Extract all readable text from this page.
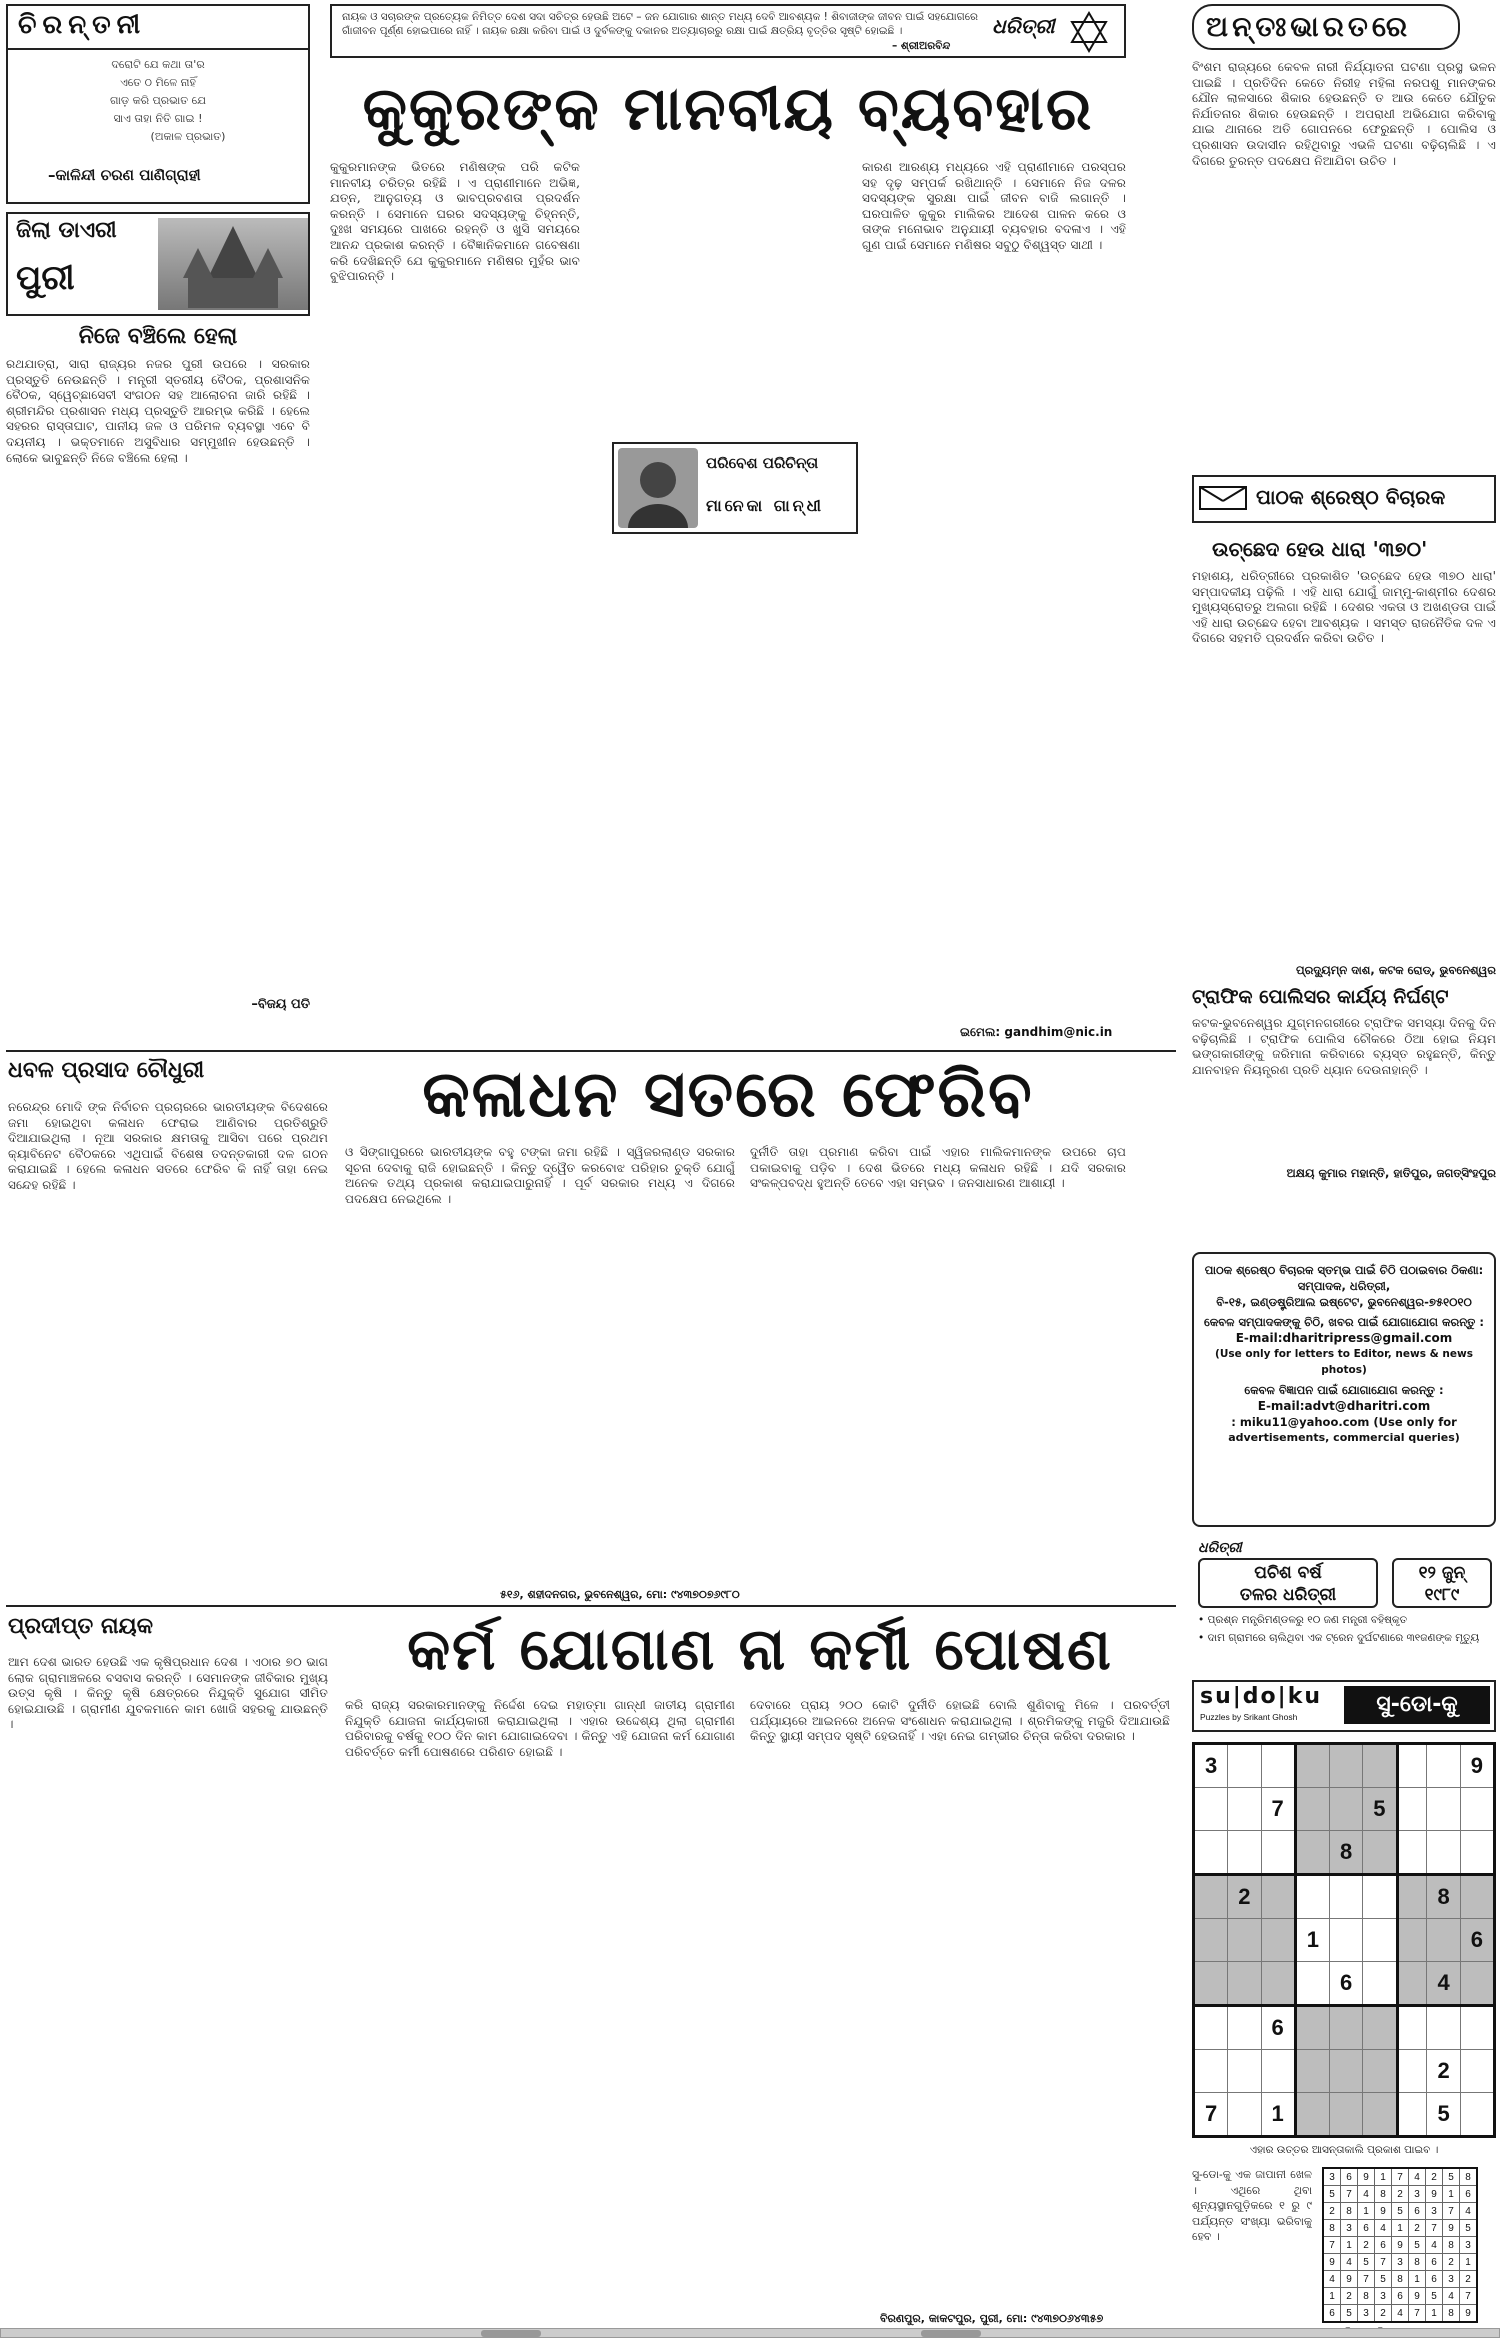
ଚିରନ୍ତନୀ
ଦରୋଟି ଯେ କଥା ତା'ର
ଏତେ ଠ ମିଳେ ନାହିଁ
ଗାଡ଼ କରି ପ୍ରଭାତ ଯେ
ସାଏ ତାହା ନିତି ଗାଇ !
(ଅକାଳ ପ୍ରଭାତ)
–କାଳିନ୍ଦୀ ଚରଣ ପାଣିଗ୍ରାହୀ
ନାୟକ ଓ ସଚାରଙ୍କ ପ୍ରତ୍ୟେକ ନିମିତ୍ତ ଦେଶ ସଦା ସଚିତ୍ର ହେଉଛି ଅଟେ – ଜନ ଯୋଗାର ଶାନ୍ତ ମଧ୍ୟ ଦେବି ଆବଶ୍ୟକ ! ଶିବାଜୀଙ୍କ ଜୀବନ ପାଇଁ ସହଯୋଗରେ ଗାଁଜୀବନ ପୂର୍ଣ୍ଣ ହୋଇପାରେ ନାହିଁ । ନାୟକ ରକ୍ଷା କରିବା ପାଇଁ ଓ ଦୁର୍ବଳଙ୍କୁ ଦକାନର ଅତ୍ୟାଚାରରୁ ରକ୍ଷା ପାଇଁ କ୍ଷତ୍ରିୟ ବୃତ୍ତିର ସୃଷ୍ଟି ହୋଇଛି ।
– ଶ୍ରୀଅରବିନ୍ଦ
ଧରିତ୍ରୀ
କୁକୁରଙ୍କ ମାନବୀୟ ବ୍ୟବହାର
ଅନ୍ତଃଭାରତରେ
ବିଂଶମ ରାଜ୍ୟରେ କେବଳ ନାରୀ ନିର୍ଯ୍ୟାତନା ଘଟଣା ପ୍ରସ୍ଥ ଭଳନ ପାଇଛି । ପ୍ରତିଦିନ କେତେ ନିରୀହ ମହିଳା ନରପଶୁ ମାନଙ୍କର ଯୌନ ଲାଳସାରେ ଶିକାର ହେଉଛନ୍ତି ତ ଆଉ କେତେ ଯୌତୁକ ନିର୍ଯାତନାର ଶିକାର ହେଉଛନ୍ତି । ଅପରାଧୀ ଅଭିଯୋଗ କରିବାକୁ ଯାଇ ଥାନାରେ ଅତି ଗୋପନରେ ଫେରୁଛନ୍ତି । ପୋଲିସ ଓ ପ୍ରଶାସନ ଉଦାସୀନ ରହିଥିବାରୁ ଏଭଳି ଘଟଣା ବଢ଼ିଚାଲିଛି । ଏ ଦିଗରେ ତୁରନ୍ତ ପଦକ୍ଷେପ ନିଆଯିବା ଉଚିତ ।
ଜିଲା ଡାଏରୀ
ପୁରୀ
ନିଜେ ବଞ୍ଚିଲେ ହେଲା
ରଥଯାତ୍ରା, ସାରା ରାଜ୍ୟର ନଜର ପୁରୀ ଉପରେ । ସରକାର ପ୍ରସ୍ତୁତି ନେଉଛନ୍ତି । ମନ୍ତ୍ରୀ ସ୍ତରୀୟ ବୈଠକ, ପ୍ରଶାସନିକ ବୈଠକ, ସ୍ୱେଚ୍ଛାସେବୀ ସଂଗଠନ ସହ ଆଲୋଚନା ଜାରି ରହିଛି । ଶ୍ରୀମନ୍ଦିର ପ୍ରଶାସନ ମଧ୍ୟ ପ୍ରସ୍ତୁତି ଆରମ୍ଭ କରିଛି । ହେଲେ ସହରର ରାସ୍ତାଘାଟ, ପାନୀୟ ଜଳ ଓ ପରିମଳ ବ୍ୟବସ୍ଥା ଏବେ ବି ଦୟନୀୟ । ଭକ୍ତମାନେ ଅସୁବିଧାର ସମ୍ମୁଖୀନ ହେଉଛନ୍ତି । ଲୋକେ ଭାବୁଛନ୍ତି ନିଜେ ବଞ୍ଚିଲେ ହେଲା ।
–ବିଜୟ ପତି
କୁକୁରମାନଙ୍କ ଭିତରେ ମଣିଷଙ୍କ ପରି କଟିକ ମାନବୀୟ ଚରିତ୍ର ରହିଛି । ଏ ପ୍ରାଣୀମାନେ ଅଭିଜ୍ଞ, ଯତ୍ନ, ଆନୁଗତ୍ୟ ଓ ଭାବପ୍ରବଣତା ପ୍ରଦର୍ଶନ କରନ୍ତି । ସେମାନେ ଘରର ସଦସ୍ୟଙ୍କୁ ଚିହ୍ନନ୍ତି, ଦୁଃଖ ସମୟରେ ପାଖରେ ରହନ୍ତି ଓ ଖୁସି ସମୟରେ ଆନନ୍ଦ ପ୍ରକାଶ କରନ୍ତି । ବୈଜ୍ଞାନିକମାନେ ଗବେଷଣା କରି ଦେଖିଛନ୍ତି ଯେ କୁକୁରମାନେ ମଣିଷର ମୁହଁର ଭାବ ବୁଝିପାରନ୍ତି ।
ପରିବେଶ ପରିଚିନ୍ତା
ମାନେକା ଗାନ୍ଧୀ
କାରଣ ଆରଣ୍ୟ ମଧ୍ୟରେ ଏହି ପ୍ରାଣୀମାନେ ପରସ୍ପର ସହ ଦୃଢ଼ ସମ୍ପର୍କ ରଖିଥାନ୍ତି । ସେମାନେ ନିଜ ଦଳର ସଦସ୍ୟଙ୍କ ସୁରକ୍ଷା ପାଇଁ ଜୀବନ ବାଜି ଲଗାନ୍ତି । ଘରପାଳିତ କୁକୁର ମାଲିକର ଆଦେଶ ପାଳନ କରେ ଓ ତାଙ୍କ ମନୋଭାବ ଅନୁଯାୟୀ ବ୍ୟବହାର ବଦଳାଏ । ଏହି ଗୁଣ ପାଇଁ ସେମାନେ ମଣିଷର ସବୁଠୁ ବିଶ୍ୱସ୍ତ ସାଥୀ ।
ଇମେଲ: gandhim@nic.in
ପାଠକ ଶ୍ରେଷ୍ଠ ବିଚାରକ
ଉଚ୍ଛେଦ ହେଉ ଧାରା '୩୭୦'
ମହାଶୟ, ଧରିତ୍ରୀରେ ପ୍ରକାଶିତ 'ଉଚ୍ଛେଦ ହେଉ ୩୭୦ ଧାରା' ସମ୍ପାଦକୀୟ ପଢ଼ିଲି । ଏହି ଧାରା ଯୋଗୁଁ ଜାମ୍ମୁ-କାଶ୍ମୀର ଦେଶର ମୁଖ୍ୟସ୍ରୋତରୁ ଅଲଗା ରହିଛି । ଦେଶର ଏକତା ଓ ଅଖଣ୍ଡତା ପାଇଁ ଏହି ଧାରା ଉଚ୍ଛେଦ ହେବା ଆବଶ୍ୟକ । ସମସ୍ତ ରାଜନୈତିକ ଦଳ ଏ ଦିଗରେ ସହମତି ପ୍ରଦର୍ଶନ କରିବା ଉଚିତ ।
ପ୍ରଦ୍ୟୁମ୍ନ ଦାଶ, କଟକ ରୋଡ୍, ଭୁବନେଶ୍ୱର
ଟ୍ରାଫିକ ପୋଲିସର କାର୍ଯ୍ୟ ନିର୍ଘଣ୍ଟ
କଟକ-ଭୁବନେଶ୍ୱର ଯୁଗ୍ମନଗରୀରେ ଟ୍ରାଫିକ ସମସ୍ୟା ଦିନକୁ ଦିନ ବଢ଼ିଚାଲିଛି । ଟ୍ରାଫିକ ପୋଲିସ ଚୌକରେ ଠିଆ ହୋଇ ନିୟମ ଭଙ୍ଗକାରୀଙ୍କୁ ଜରିମାନା କରିବାରେ ବ୍ୟସ୍ତ ରହୁଛନ୍ତି, କିନ୍ତୁ ଯାନବାହନ ନିୟନ୍ତ୍ରଣ ପ୍ରତି ଧ୍ୟାନ ଦେଉନାହାନ୍ତି ।
ଅକ୍ଷୟ କୁମାର ମହାନ୍ତି, ହାତିପୁର, ଜଗତ୍‌ସିଂହପୁର
ଧବଳ ପ୍ରସାଦ ଚୌଧୁରୀ	କଳାଧନ ସତରେ ଫେରିବ
ନରେନ୍ଦ୍ର ମୋଦି ଙ୍କ ନିର୍ବାଚନ ପ୍ରଚାରରେ ଭାରତୀୟଙ୍କ ବିଦେଶରେ ଜମା ହୋଇଥିବା କଳାଧନ ଫେରାଇ ଆଣିବାର ପ୍ରତିଶ୍ରୁତି ଦିଆଯାଇଥିଲା । ନୂଆ ସରକାର କ୍ଷମତାକୁ ଆସିବା ପରେ ପ୍ରଥମ କ୍ୟାବିନେଟ ବୈଠକରେ ଏଥିପାଇଁ ବିଶେଷ ତଦନ୍ତକାରୀ ଦଳ ଗଠନ କରାଯାଇଛି । ହେଲେ କଳାଧନ ସତରେ ଫେରିବ କି ନାହିଁ ତାହା ନେଇ ସନ୍ଦେହ ରହିଛି ।
ଓ ସିଙ୍ଗାପୁରରେ ଭାରତୀୟଙ୍କ ବହୁ ଟଙ୍କା ଜମା ରହିଛି । ସ୍ୱିଜରଲାଣ୍ଡ ସରକାର ସୂଚନା ଦେବାକୁ ରାଜି ହୋଇଛନ୍ତି । କିନ୍ତୁ ଦ୍ୱୈତ କରବୋଝ ପରିହାର ଚୁକ୍ତି ଯୋଗୁଁ ଅନେକ ତଥ୍ୟ ପ୍ରକାଶ କରାଯାଇପାରୁନାହିଁ । ପୂର୍ବ ସରକାର ମଧ୍ୟ ଏ ଦିଗରେ ପଦକ୍ଷେପ ନେଇଥିଲେ ।
ଦୁର୍ନୀତି ତାହା ପ୍ରମାଣ କରିବା ପାଇଁ ଏହାର ମାଲିକମାନଙ୍କ ଉପରେ ଚାପ ପକାଇବାକୁ ପଡ଼ିବ । ଦେଶ ଭିତରେ ମଧ୍ୟ କଳାଧନ ରହିଛି । ଯଦି ସରକାର ସଂକଳ୍ପବଦ୍ଧ ହୁଅନ୍ତି ତେବେ ଏହା ସମ୍ଭବ । ଜନସାଧାରଣ ଆଶାୟୀ ।
୫୧୬, ଶହୀଦନଗର, ଭୁବନେଶ୍ୱର, ମୋ: ୯୪୩୭୦୭୬୯୮୦
ପାଠକ ଶ୍ରେଷ୍ଠ ବିଚାରକ ସ୍ତମ୍ଭ ପାଇଁ ଚିଠି ପଠାଇବାର ଠିକଣା:
ସମ୍ପାଦକ, ଧରିତ୍ରୀ,
ବି-୧୫, ଇଣ୍ଡଷ୍ଟ୍ରିଆଲ ଇଷ୍ଟେଟ, ଭୁବନେଶ୍ୱର-୭୫୧୦୧୦
କେବଳ ସମ୍ପାଦକଙ୍କୁ ଚିଠି, ଖବର ପାଇଁ ଯୋଗାଯୋଗ କରନ୍ତୁ :
E-mail:dharitripress@gmail.com
(Use only for letters to Editor, news & news photos)
କେବଳ ବିଜ୍ଞାପନ ପାଇଁ ଯୋଗାଯୋଗ କରନ୍ତୁ :
E-mail:advt@dharitri.com
: miku11@yahoo.com (Use only for
advertisements, commercial queries)
ଧରିତ୍ରୀ
ପଚିଶ ବର୍ଷ
ତଳର ଧରିତ୍ରୀ
୧୨ ଜୁନ୍
୧୯୮୯
• ପ୍ରଶ୍ନ ମନ୍ତ୍ରିମଣ୍ଡଳରୁ ୧୦ ଜଣ ମନ୍ତ୍ରୀ ବହିଷ୍କୃତ
• ଦାମ ଗ୍ରାମରେ ଚାଲିଥିବା ଏକ ଟ୍ରେନ ଦୁର୍ଘଟଣାରେ ୩୧ଜଣଙ୍କ ମୃତ୍ୟୁ
ପ୍ରଦୀପ୍ତ ନାୟକ	କର୍ମ ଯୋଗାଣ ନା କର୍ମୀ ପୋଷଣ
ଆମ ଦେଶ ଭାରତ ହେଉଛି ଏକ କୃଷିପ୍ରଧାନ ଦେଶ । ଏଠାର ୭୦ ଭାଗ ଲୋକ ଗ୍ରାମାଞ୍ଚଳରେ ବସବାସ କରନ୍ତି । ସେମାନଙ୍କ ଜୀବିକାର ମୁଖ୍ୟ ଉତ୍ସ କୃଷି । କିନ୍ତୁ କୃଷି କ୍ଷେତ୍ରରେ ନିଯୁକ୍ତି ସୁଯୋଗ ସୀମିତ ହୋଇଯାଉଛି । ଗ୍ରାମୀଣ ଯୁବକମାନେ କାମ ଖୋଜି ସହରକୁ ଯାଉଛନ୍ତି ।
କରି ରାଜ୍ୟ ସରକାରମାନଙ୍କୁ ନିର୍ଦ୍ଦେଶ ଦେଇ ମହାତ୍ମା ଗାନ୍ଧୀ ଜାତୀୟ ଗ୍ରାମୀଣ ନିଯୁକ୍ତି ଯୋଜନା କାର୍ଯ୍ୟକାରୀ କରାଯାଇଥିଲା । ଏହାର ଉଦ୍ଦେଶ୍ୟ ଥିଲା ଗ୍ରାମୀଣ ପରିବାରକୁ ବର୍ଷକୁ ୧୦୦ ଦିନ କାମ ଯୋଗାଇଦେବା । କିନ୍ତୁ ଏହି ଯୋଜନା କର୍ମ ଯୋଗାଣ ପରିବର୍ତ୍ତେ କର୍ମୀ ପୋଷଣରେ ପରିଣତ ହୋଇଛି ।
ଦେବାରେ ପ୍ରାୟ ୨୦୦ କୋଟି ଦୁର୍ନୀତି ହୋଇଛି ବୋଲି ଶୁଣିବାକୁ ମିଳେ । ପରବର୍ତ୍ତୀ ପର୍ଯ୍ୟାୟରେ ଆଇନରେ ଅନେକ ସଂଶୋଧନ କରାଯାଇଥିଲା । ଶ୍ରମିକଙ୍କୁ ମଜୁରି ଦିଆଯାଉଛି କିନ୍ତୁ ସ୍ଥାୟୀ ସମ୍ପଦ ସୃଷ୍ଟି ହେଉନାହିଁ । ଏହା ନେଇ ଗମ୍ଭୀର ଚିନ୍ତା କରିବା ଦରକାର ।
ବିରଣପୁର, କାକଟପୁର, ପୁରୀ, ମୋ: ୯୪୩୭୦୬୪୩୫୭
su|do|ku
Puzzles by Srikant Ghosh	ସୁ-ଡୋ-କୁ
3								9
		7			5			
				8				
	2						8	
			1					6
				6			4	
		6						
							2	
7		1					5	
ଏହାର ଉତ୍ତର ଆସନ୍ତାକାଲି ପ୍ରକାଶ ପାଇବ ।
ସୁ-ଡୋ-କୁ ଏକ ଜାପାନୀ ଖେଳ । ଏଥିରେ ଥିବା ଶୂନ୍ୟସ୍ଥାନଗୁଡ଼ିକରେ ୧ ରୁ ୯ ପର୍ଯ୍ୟନ୍ତ ସଂଖ୍ୟା ଭରିବାକୁ ହେବ ।
3	6	9	1	7	4	2	5	8
5	7	4	8	2	3	9	1	6
2	8	1	9	5	6	3	7	4
8	3	6	4	1	2	7	9	5
7	1	2	6	9	5	4	8	3
9	4	5	7	3	8	6	2	1
4	9	7	5	8	1	6	3	2
1	2	8	3	6	9	5	4	7
6	5	3	2	4	7	1	8	9
